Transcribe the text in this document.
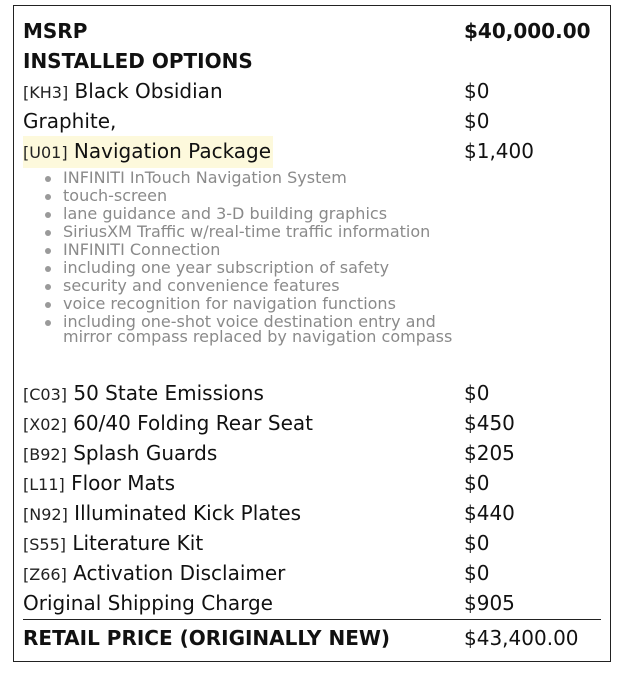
MSRP	$40,000.00
INSTALLED OPTIONS
[KH3] Black Obsidian	$0
Graphite,	$0
[U01] Navigation Package	$1,400
INFINITI InTouch Navigation System
touch-screen
lane guidance and 3-D building graphics
SiriusXM Traffic w/real-time traffic information
INFINITI Connection
including one year subscription of safety
security and convenience features
voice recognition for navigation functions
including one-shot voice destination entry and mirror compass replaced by navigation compass
[C03] 50 State Emissions	$0
[X02] 60/40 Folding Rear Seat	$450
[B92] Splash Guards	$205
[L11] Floor Mats	$0
[N92] Illuminated Kick Plates	$440
[S55] Literature Kit	$0
[Z66] Activation Disclaimer	$0
Original Shipping Charge	$905
RETAIL PRICE (ORIGINALLY NEW)	$43,400.00
